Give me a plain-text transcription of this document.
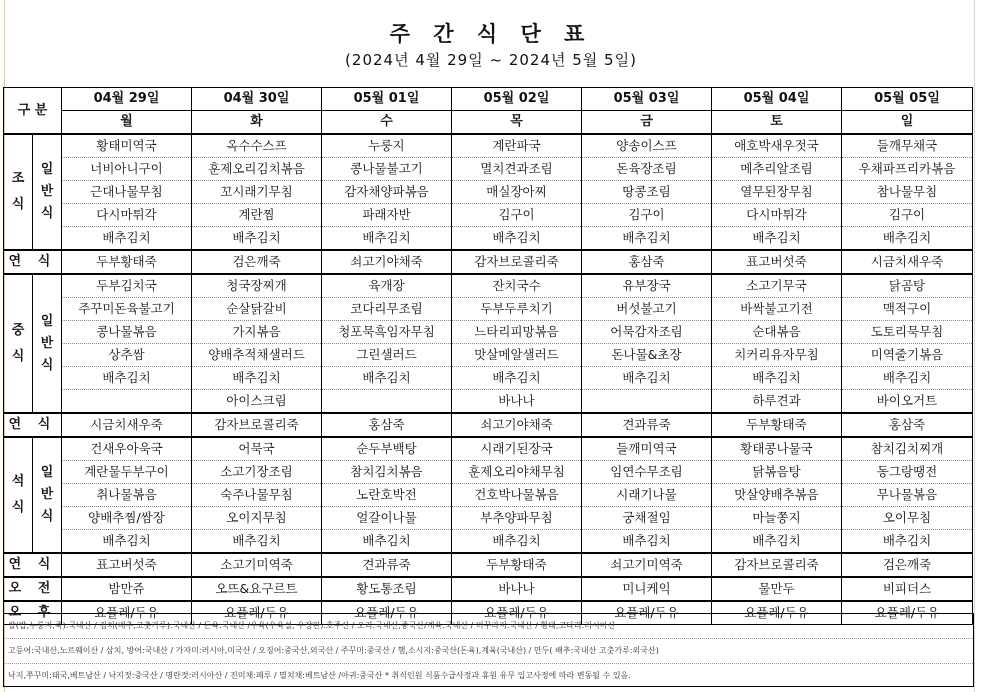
주 간 식 단 표
(2024년 4월 29일 ~ 2024년 5월 5일)
구 분		04월 29일	04월 30일	05월 01일	05월 02일	05월 03일	05월 04일	05월 05일
		월	화	수	목	금	토	일
조 식	일 반 식	황태미역국	옥수수스프	누룽지	계란파국	양송이스프	애호박새우젓국	들깨무채국
		너비아니구이	훈제오리김치볶음	콩나물불고기	멸치견과조림	돈육장조림	메추리알조림	우채파프리카볶음
		근대나물무침	꼬시래기무침	감자채양파볶음	매실장아찌	땅콩조림	열무된장무침	참나물무침
		다시마튀각	계란찜	파래자반	김구이	김구이	다시마튀각	김구이
		배추김치	배추김치	배추김치	배추김치	배추김치	배추김치	배추김치
연 식		두부황태죽	검은깨죽	쇠고기야채죽	감자브로콜리죽	홍삼죽	표고버섯죽	시금치새우죽
중 식	일 반 식	두부김치국	청국장찌개	육개장	잔치국수	유부장국	소고기무국	닭곰탕
		주꾸미돈육불고기	순살닭갈비	코다리무조림	두부두루치기	버섯불고기	바싹불고기전	맥적구이
		콩나물볶음	가지볶음	청포묵흑임자무침	느타리피망볶음	어묵감자조림	순대볶음	도토리묵무침
		상추쌈	양배추적채샐러드	그린샐러드	맛살메알샐러드	돈나물&초장	치커리유자무침	미역줄기볶음
		배추김치	배추김치	배추김치	배추김치	배추김치	배추김치	배추김치
			아이스크림		바나나		하루견과	바이오거트
연 식		시금치새우죽	감자브로콜리죽	홍삼죽	쇠고기야채죽	견과류죽	두부황태죽	홍삼죽
석 식	일 반 식	건새우아욱국	어묵국	순두부백탕	시래기된장국	들깨미역국	황태콩나물국	참치김치찌개
		계란물두부구이	소고기장조림	참치김치볶음	훈제오리야채무침	임연수무조림	닭볶음탕	동그랑땡전
		취나물볶음	숙주나물무침	노란호박전	건호박나물볶음	시래기나물	맛살양배추볶음	무나물볶음
		양배추찜/쌈장	오이지무침	얼갈이나물	부추양파무침	궁채절임	마늘쫑지	오이무침
		배추김치	배추김치	배추김치	배추김치	배추김치	배추김치	배추김치
연 식		표고버섯죽	소고기미역죽	견과류죽	두부황태죽	쇠고기미역죽	감자브로콜리죽	검은깨죽
오 전		밤만쥬	오뜨&요구르트	황도통조림	바나나	미니케익	물만두	비피더스
오 후		요플레/두유	요플레/두유	요플레/두유	요플레/두유	요플레/두유	요플레/두유	요플레/두유
쌀(밥,누룽지,죽):국내산 / 김치(배추,고춧가루):국내산 / 돈육:국내산 /우육(우육설, 우장판):호주산 / 오리:국내산,중국산/계육:국내산 / 미꾸라지:국내산 / 황태,코다리:러시아산
고등어:국내산,노르웨이산 / 삼치, 방어:국내산 / 가자미:러시아,미국산 / 오징어:중국산,외국산 / 주꾸미:중국산 / 햄,소시지:중국산(돈육),계육(국내산) / 만두( 배추:국내산 고춧가루:외국산)
낙지,쭈꾸미:태국,베트남산 / 낙지젓:중국산 / 명란젓:러시아산 / 진미채:페루 / 멸치채:베트남산 /아귀:중국산 * 취식인원 식품수급사정과 휴원 유무 입고사정에 따라 변동될 수 있음.
